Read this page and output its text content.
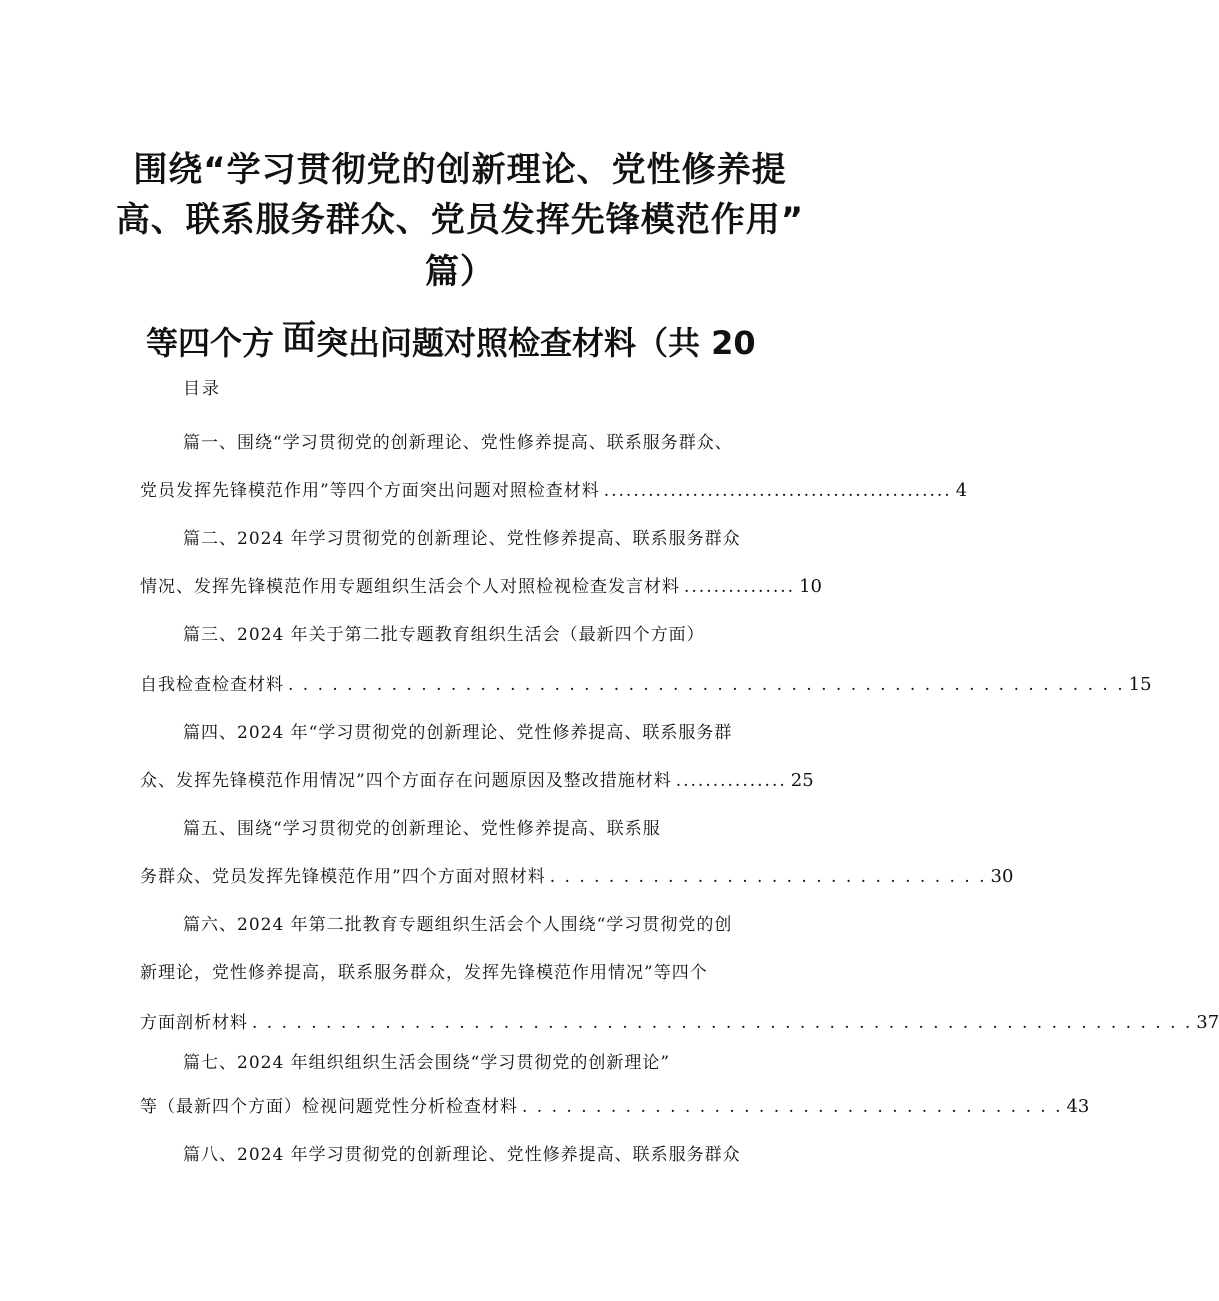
围绕“学习贯彻党的创新理论、党性修养提
高、联系服务群众、党员发挥先锋模范作用”
篇）
等四个方 面 突出问题对照检查材料（共 20
目录
篇一、围绕“学习贯彻党的创新理论、党性修养提高、联系服务群众、
党员发挥先锋模范作用”等四个方面突出问题对照检查材料 ............................................... 4
篇二、2024 年学习贯彻党的创新理论、党性修养提高、联系服务群众
情况、发挥先锋模范作用专题组织生活会个人对照检视检查发言材料 ............... 10
篇三、2024 年关于第二批专题教育组织生活会（最新四个方面）
自我检查检查材料 . . . . . . . . . . . . . . . . . . . . . . . . . . . . . . . . . . . . . . . . . . . . . . . . . . . . . . . . . 15
篇四、2024 年“学习贯彻党的创新理论、党性修养提高、联系服务群
众、发挥先锋模范作用情况”四个方面存在问题原因及整改措施材料 ............... 25
篇五、围绕“学习贯彻党的创新理论、党性修养提高、联系服
务群众、党员发挥先锋模范作用”四个方面对照材料 . . . . . . . . . . . . . . . . . . . . . . . . . . . . . . 30
篇六、2024 年第二批教育专题组织生活会个人围绕“学习贯彻党的创
新理论，党性修养提高，联系服务群众，发挥先锋模范作用情况”等四个
方面剖析材料 . . . . . . . . . . . . . . . . . . . . . . . . . . . . . . . . . . . . . . . . . . . . . . . . . . . . . . . . . . . . . . . . 37
篇七、2024 年组织组织生活会围绕“学习贯彻党的创新理论”
等（最新四个方面）检视问题党性分析检查材料 . . . . . . . . . . . . . . . . . . . . . . . . . . . . . . . . . . . . . 43
篇八、2024 年学习贯彻党的创新理论、党性修养提高、联系服务群众
